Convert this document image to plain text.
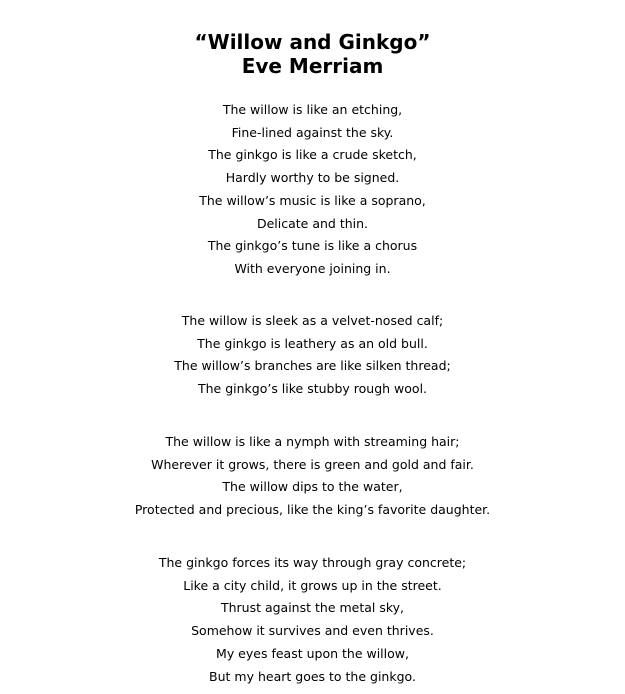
“Willow and Ginkgo”
Eve Merriam
The willow is like an etching,
Fine-lined against the sky.
The ginkgo is like a crude sketch,
Hardly worthy to be signed.
The willow’s music is like a soprano,
Delicate and thin.
The ginkgo’s tune is like a chorus
With everyone joining in.
The willow is sleek as a velvet-nosed calf;
The ginkgo is leathery as an old bull.
The willow’s branches are like silken thread;
The ginkgo’s like stubby rough wool.
The willow is like a nymph with streaming hair;
Wherever it grows, there is green and gold and fair.
The willow dips to the water,
Protected and precious, like the king’s favorite daughter.
The ginkgo forces its way through gray concrete;
Like a city child, it grows up in the street.
Thrust against the metal sky,
Somehow it survives and even thrives.
My eyes feast upon the willow,
But my heart goes to the ginkgo.
